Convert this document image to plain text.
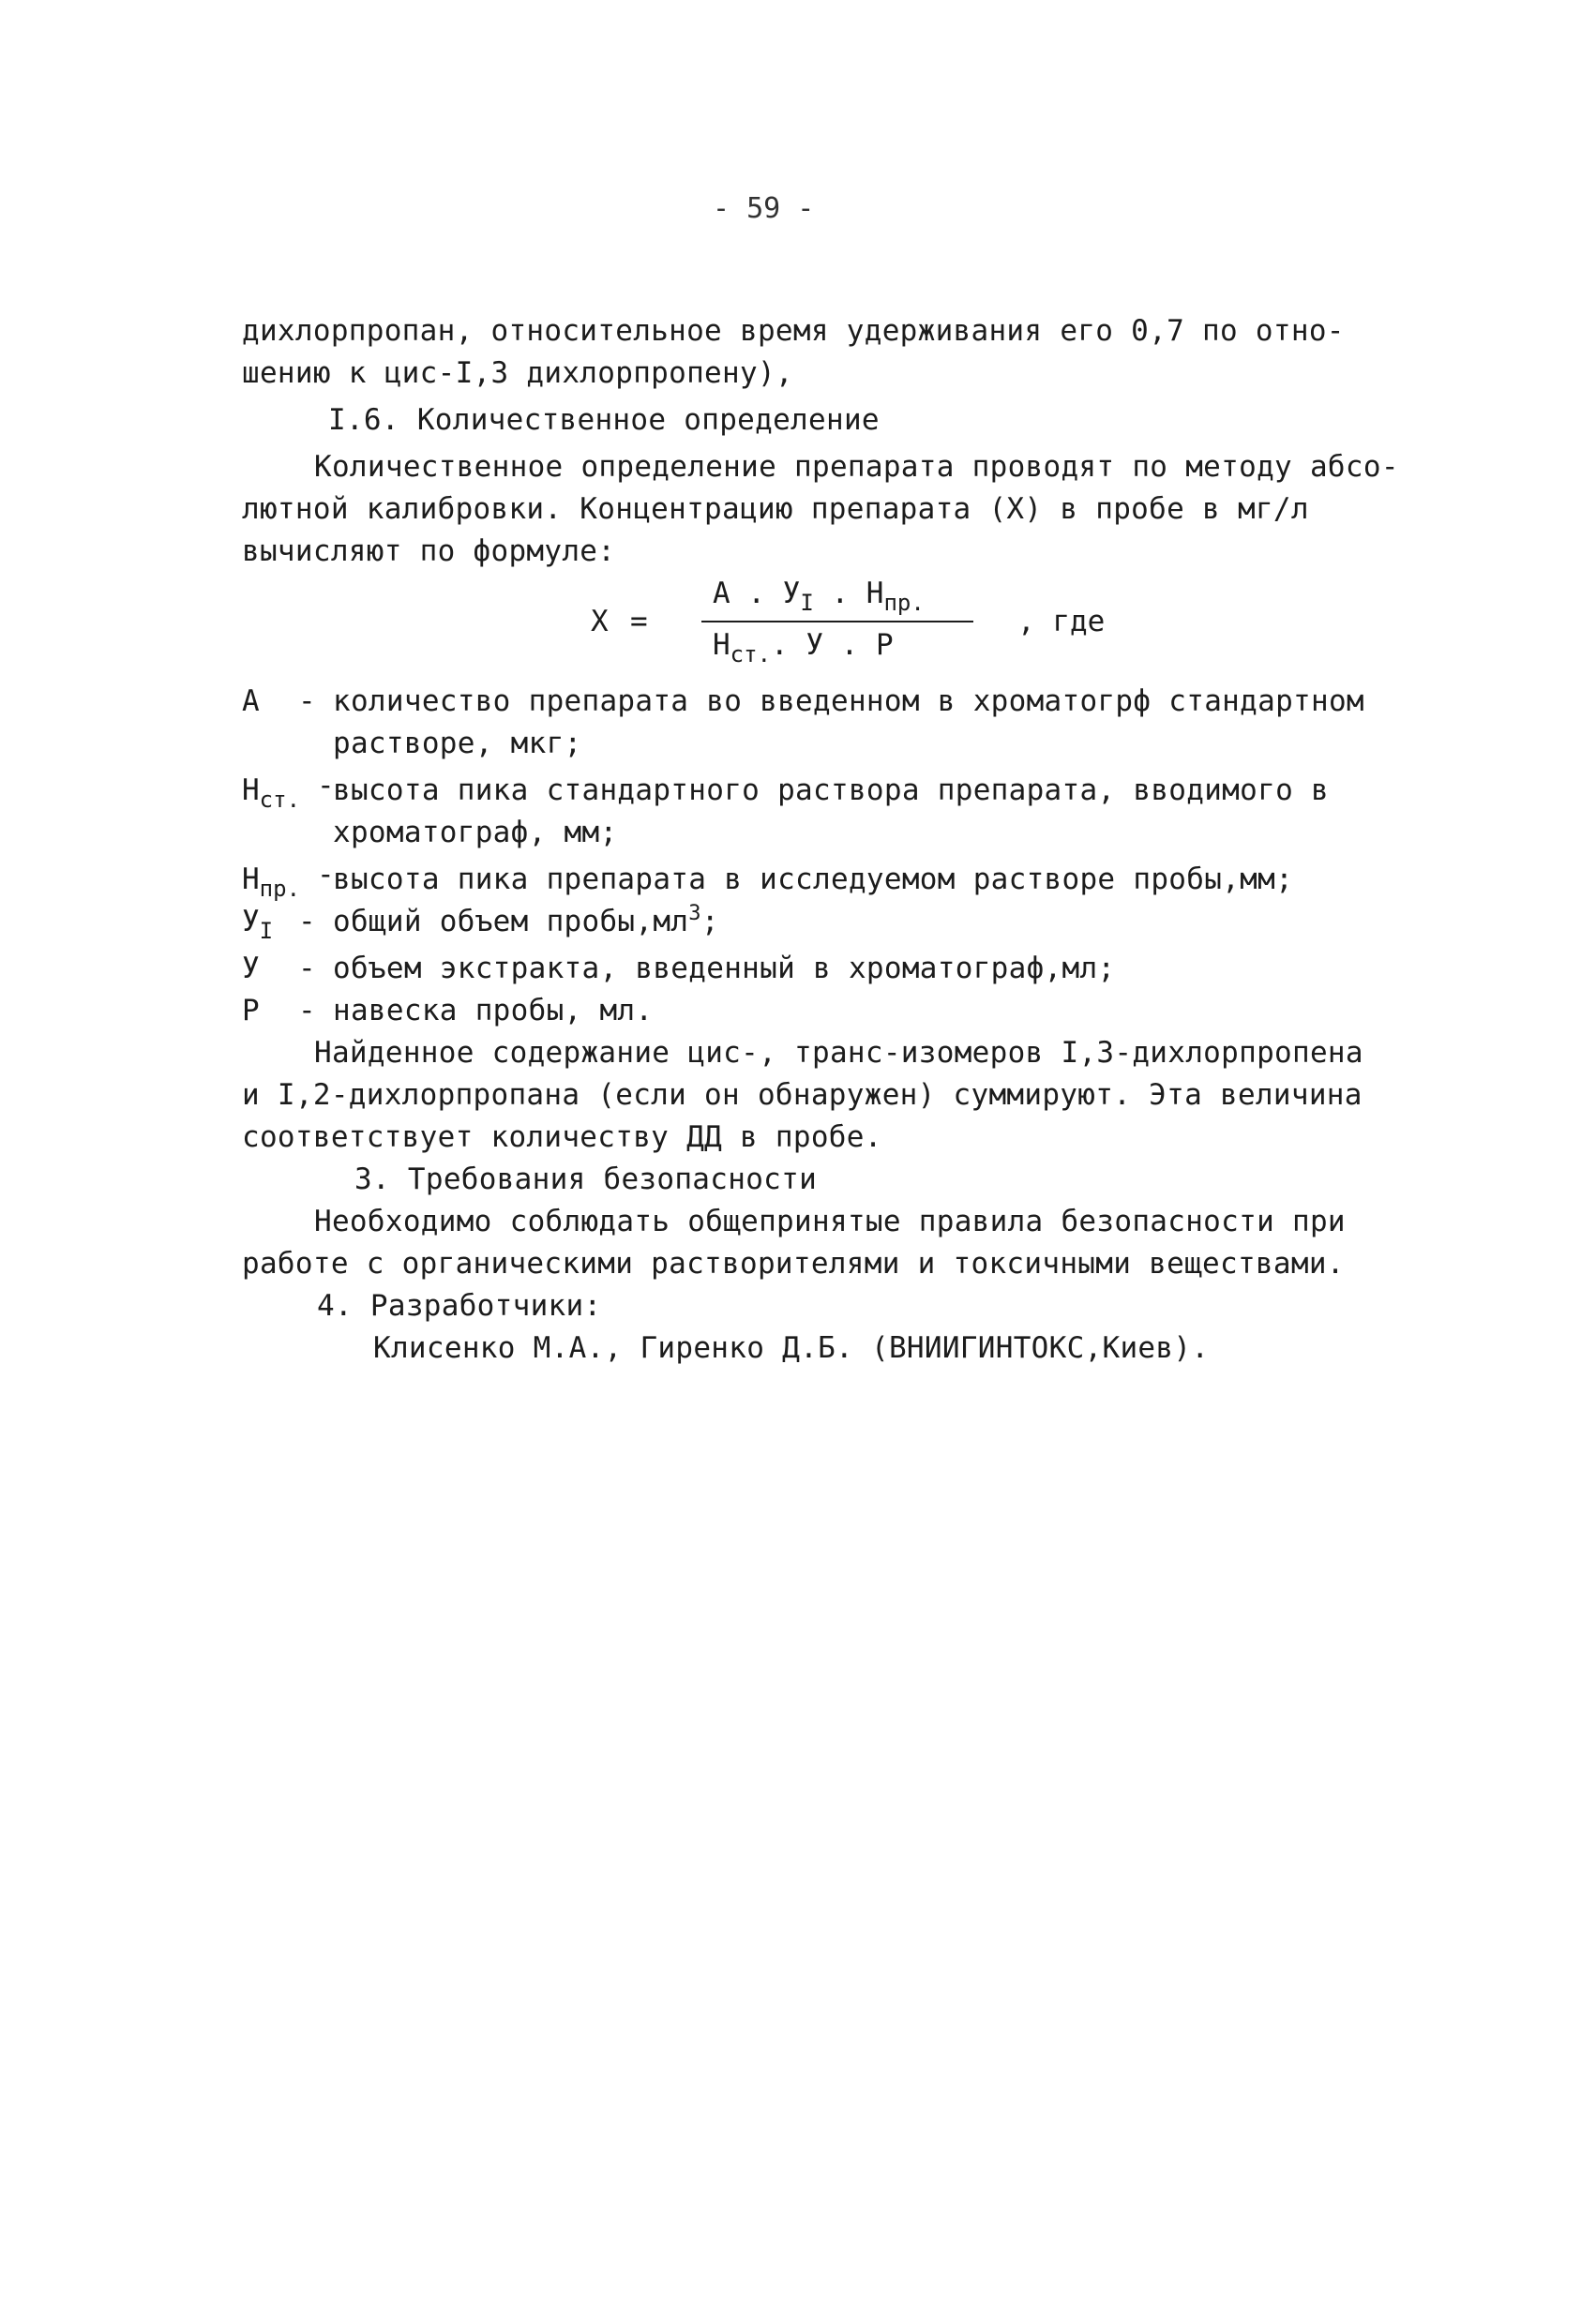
- 59 -
дихлорпропан, относительное время удерживания его 0,7 по отно-
шению к цис-I,3 дихлорпропену),
I.6. Количественное определение
Количественное определение препарата проводят по методу абсо-
лютной калибровки. Концентрацию препарата (X) в пробе в мг/л
вычисляют по формуле:
X =
А . $У_I$ . $H_{пр.}$
$H_{ст.}$. У . P
, где
А - количество препарата во введенном в хроматогрф стандартном
растворе, мкг;
$H_{ст.}$ -
высота пика стандартного раствора препарата, вводимого в
хроматограф, мм;
$H_{пр.}$ -
высота пика препарата в исследуемом растворе пробы,мм;
$У_I$ - общий объем $пробы,мл^3$;
У - объем экстракта, введенный в хроматограф,мл;
P - навеска пробы, мл.
Найденное содержание цис-, транс-изомеров I,3-дихлорпропена
и I,2-дихлорпропана (если он обнаружен) суммируют. Эта величина
соответствует количеству ДД в пробе.
3. Требования безопасности
Необходимо соблюдать общепринятые правила безопасности при
работе с органическими растворителями и токсичными веществами.
4. Разработчики:
Клисенко М.А., Гиренко Д.Б. (ВНИИГИНТОКС,Киев).
